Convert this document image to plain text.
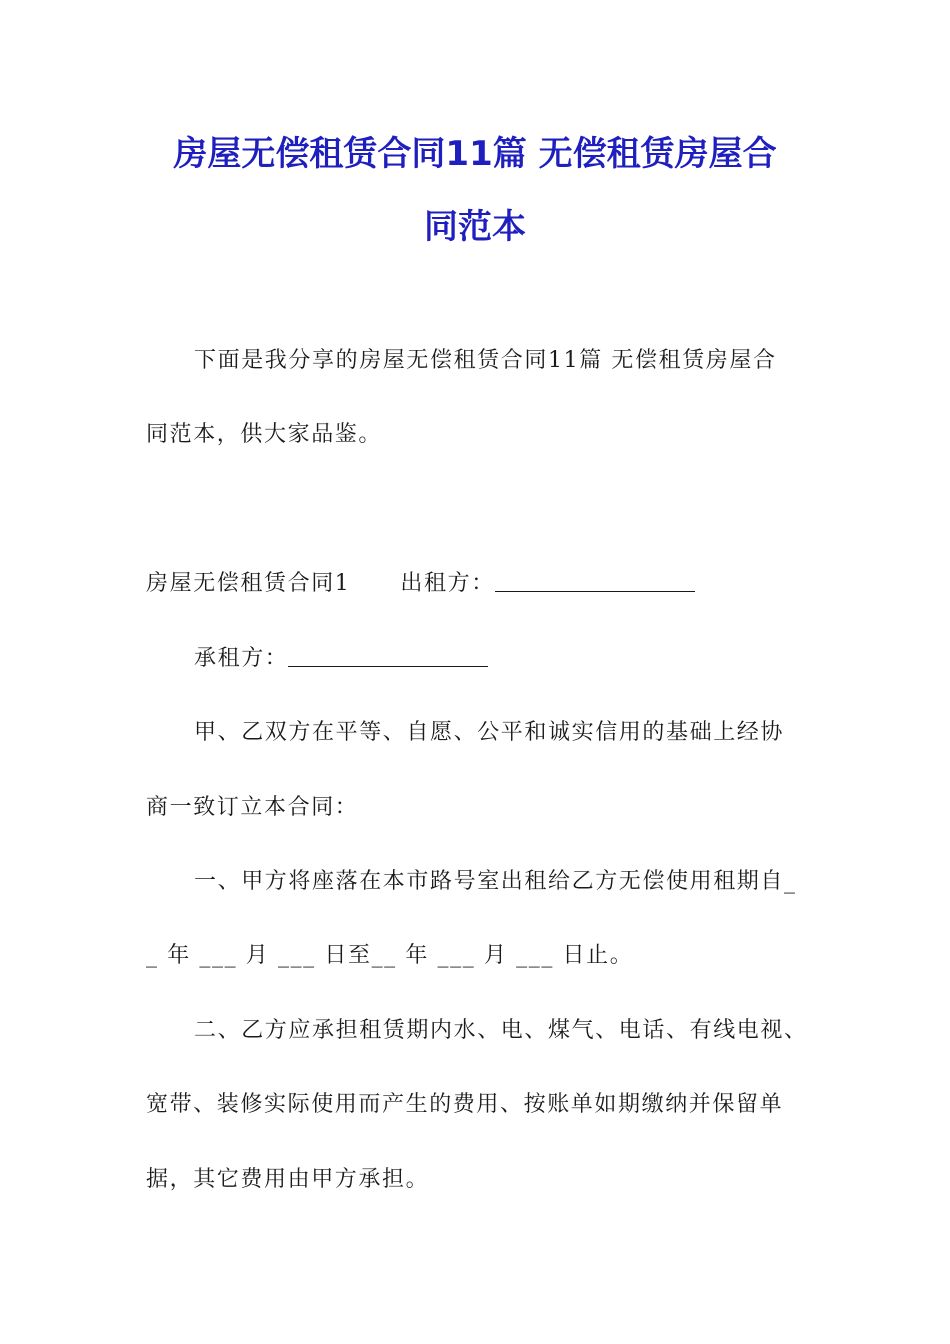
房屋无偿租赁合同11篇 无偿租赁房屋合
同范本
下面是我分享的房屋无偿租赁合同11篇 无偿租赁房屋合
同范本，供大家品鉴。
房屋无偿租赁合同1 出租方：
承租方：
甲、乙双方在平等、自愿、公平和诚实信用的基础上经协
商一致订立本合同：
一、甲方将座落在本市路号室出租给乙方无偿使用租期自_
_ 年 ___ 月 ___ 日至__ 年 ___ 月 ___ 日止。
二、乙方应承担租赁期内水、电、煤气、电话、有线电视、
宽带、装修实际使用而产生的费用、按账单如期缴纳并保留单
据，其它费用由甲方承担。
